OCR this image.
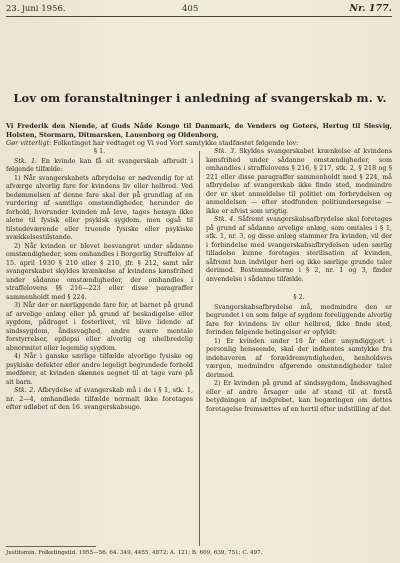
23. juni 1956.	405	Nr. 177.
Lov om foranstaltninger i anledning af svangerskab m. v.
Vi Frederik den Niende, af Guds Nåde Konge til Danmark, de Venders og Goters, Hertug til Slesvig, Holsten, Stormarn, Ditmarsken, Lauenborg og Oldenborg,
Gør vitterligt: Folketinget har vedtaget og Vi ved Vort samtykke stadfæstet følgende lov:
§ 1.

Stk. 1. En kvinde kan få sit svangerskab afbrudt i følgende tilfælde:

1) Når svangerskabets afbrydelse er nødvendig for at afværge alvorlig fare for kvindens liv eller helbred. Ved bedømmelsen af denne fare skal der på grundlag af en vurdering af samtlige omstændigheder, herunder de forhold, hvorunder kvinden må leve, tages hensyn ikke alene til fysisk eller psykisk sygdom, men også til tilstedeværende eller truende fysiske eller psykiske svækkelsestilstande.

2) Når kvinden er blevet besvangret under sådanne omstændigheder, som omhandles i Borgerlig Straffelov af 15. april 1930 § 210 eller § 210, jfr. § 212, samt når svangerskabet skyldes krænkelse af kvindens kønsfrihed under sådanne omstændigheder, der omhandles i straffelovens §§ 216—223 eller disse paragraffer sammenholdt med § 224.

3) Når der er nærliggende fare for, at barnet på grund af arvelige anlæg eller på grund af beskadigelse eller sygdom, pådraget i fosterlivet, vil blive lidende af sindssygdom, åndssvaghed, andre svære mentale forstyrrelser, epilepsi eller alvorlig og uhelbredelig abnormitet eller legemlig sygdom.

4) Når i ganske særlige tilfælde alvorlige fysiske og psykiske defekter eller andre legeligt begrundede forhold medfører, at kvinden skønnes uegnet til at tage vare på sit barn.

Stk. 2. Afbrydelse af svangerskab må i de i § 1, stk. 1, nr. 2—4, omhandlede tilfælde normalt ikke foretages efter udløbet af den 16. svangerskabsuge.

Stk. 3. Skyldes svangerskabet krænkelse af kvindens kønsfrihed under sådanne omstændigheder, som omhandles i straffelovens § 216, § 217, stk. 2, § 218 og § 221 eller disse paragraffer sammenholdt med § 224, må afbrydelse af svangerskab ikke finde sted, medmindre der er sket anmeldelse til politiet om forbrydelsen og anmeldelsen — efter stedfunden politiundersøgelse — ikke er afvist som urigtig.

Stk. 4. Såfremt svangerskabsafbrydelse skal foretages på grund af sådanne arvelige anlæg, som omtales i § 1, stk. 1, nr. 3, og disse anlæg stammer fra kvinden, vil der i forbindelse med svangerskabsafbrydelsen uden særlig tilladelse kunne foretages sterilisation af kvinden, såfremt hun indvilger heri og ikke særlige grunde taler derimod. Bestemmelserne i § 2, nr. 1 og 3, finder anvendelse i sådanne tilfælde.

§ 2.

Svangerskabsafbrydelse må, medmindre den er begrundet i en som følge af sygdom foreliggende alvorlig fare for kvindens liv eller helbred, ikke finde sted, forinden følgende betingelser er opfyldt:

1) Er kvinden under 18 år eller umyndiggjort i personlig henseende, skal der indhentes samtykke fra indehaveren af forældremyndigheden, henholdsvis værgen, medmindre afgørende omstændigheder taler derimod.

2) Er kvinden på grund af sindssygdom, åndssvaghed eller af andre årsager ude af stand til at forstå betydningen af indgrebet, kan begæringen om dettes foretagelse fremsættes af en hertil efter indstilling af det

Justitsmin. Folketingstid. 1955—56. 64. 349, 4455, 4872; A. 121; B. 609, 639, 751; C. 497.
